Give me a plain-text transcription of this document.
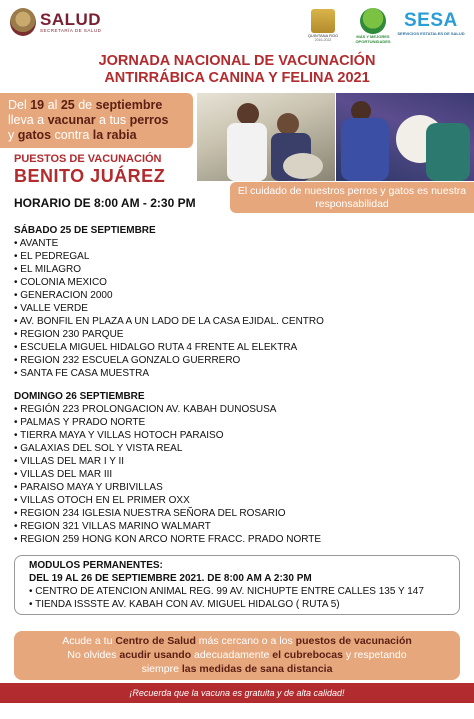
SALUD
SECRETARÍA DE SALUD
QUINTANA ROO
2016-2022
MÁS Y MEJORES OPORTUNIDADES
SESA
SERVICIOS ESTATALES DE SALUD
JORNADA NACIONAL DE VACUNACIÓN
ANTIRRÁBICA CANINA Y FELINA 2021
Del 19 al 25 de septiembre
lleva a vacunar a tus perros
y gatos contra la rabia
PUESTOS DE VACUNACIÓN
BENITO JUÁREZ
El cuidado de nuestros perros y gatos es nuestra responsabilidad
HORARIO DE 8:00 AM - 2:30 PM
SÁBADO 25 DE SEPTIEMBRE
• AVANTE
• EL PEDREGAL
• EL MILAGRO
• COLONIA MEXICO
• GENERACION 2000
• VALLE VERDE
• AV. BONFIL EN PLAZA A UN LADO DE LA CASA EJIDAL. CENTRO
• REGION 230 PARQUE
• ESCUELA MIGUEL HIDALGO RUTA 4 FRENTE AL ELEKTRA
• REGION 232 ESCUELA GONZALO GUERRERO
• SANTA FE CASA MUESTRA
DOMINGO 26 SEPTIEMBRE
• REGIÓN 223 PROLONGACION AV. KABAH DUNOSUSA
• PALMAS Y PRADO NORTE
• TIERRA MAYA Y VILLAS HOTOCH PARAISO
• GALAXIAS DEL SOL Y VISTA REAL
• VILLAS DEL MAR I Y II
• VILLAS DEL MAR III
• PARAISO MAYA Y URBIVILLAS
• VILLAS OTOCH EN EL PRIMER OXX
• REGION 234 IGLESIA NUESTRA SEÑORA DEL ROSARIO
• REGION 321 VILLAS MARINO WALMART
• REGION 259 HONG KON ARCO NORTE FRACC. PRADO NORTE
MODULOS PERMANENTES:
DEL 19 AL 26 DE SEPTIEMBRE 2021. DE 8:00 AM A 2:30 PM
• CENTRO DE ATENCION ANIMAL REG. 99 AV. NICHUPTE ENTRE CALLES 135 Y 147
• TIENDA ISSSTE AV. KABAH CON AV. MIGUEL HIDALGO ( RUTA 5)
Acude a tu Centro de Salud más cercano o a los puestos de vacunación
No olvides acudir usando adecuadamente el cubrebocas y respetando
siempre las medidas de sana distancia
¡Recuerda que la vacuna es gratuita y de alta calidad!
